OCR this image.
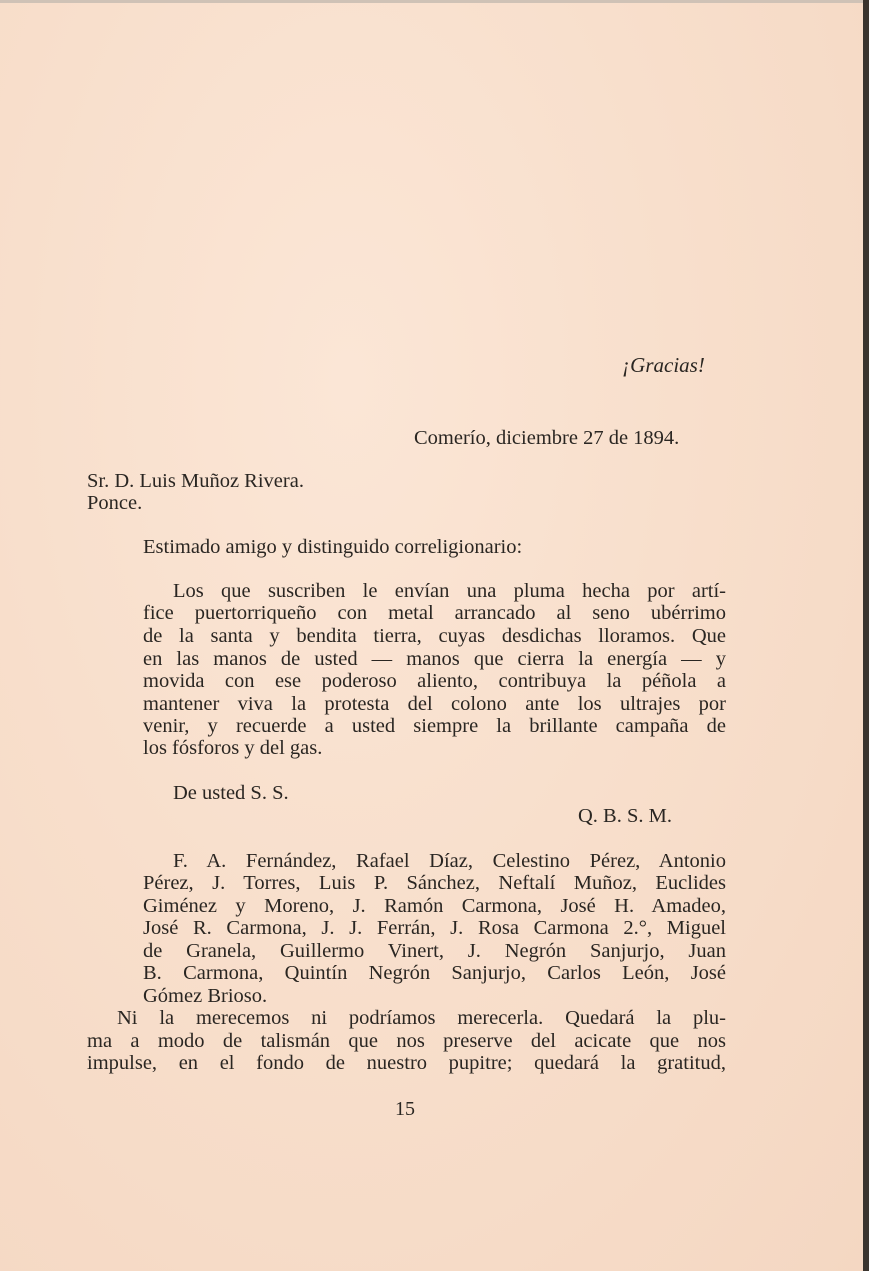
¡Gracias!
Comerío, diciembre 27 de 1894.
Sr. D. Luis Muñoz Rivera.
Ponce.
Estimado amigo y distinguido correligionario:
Los que suscriben le envían una pluma hecha por artí-
fice puertorriqueño con metal arrancado al seno ubérrimo
de la santa y bendita tierra, cuyas desdichas lloramos. Que
en las manos de usted — manos que cierra la energía — y
movida con ese poderoso aliento, contribuya la péñola a
mantener viva la protesta del colono ante los ultrajes por
venir, y recuerde a usted siempre la brillante campaña de
los fósforos y del gas.
De usted S. S.
Q. B. S. M.
F. A. Fernández, Rafael Díaz, Celestino Pérez, Antonio
Pérez, J. Torres, Luis P. Sánchez, Neftalí Muñoz, Euclides
Giménez y Moreno, J. Ramón Carmona, José H. Amadeo,
José R. Carmona, J. J. Ferrán, J. Rosa Carmona 2.°, Miguel
de Granela, Guillermo Vinert, J. Negrón Sanjurjo, Juan
B. Carmona, Quintín Negrón Sanjurjo, Carlos León, José
Gómez Brioso.
Ni la merecemos ni podríamos merecerla. Quedará la plu-
ma a modo de talismán que nos preserve del acicate que nos
impulse, en el fondo de nuestro pupitre; quedará la gratitud,
15
